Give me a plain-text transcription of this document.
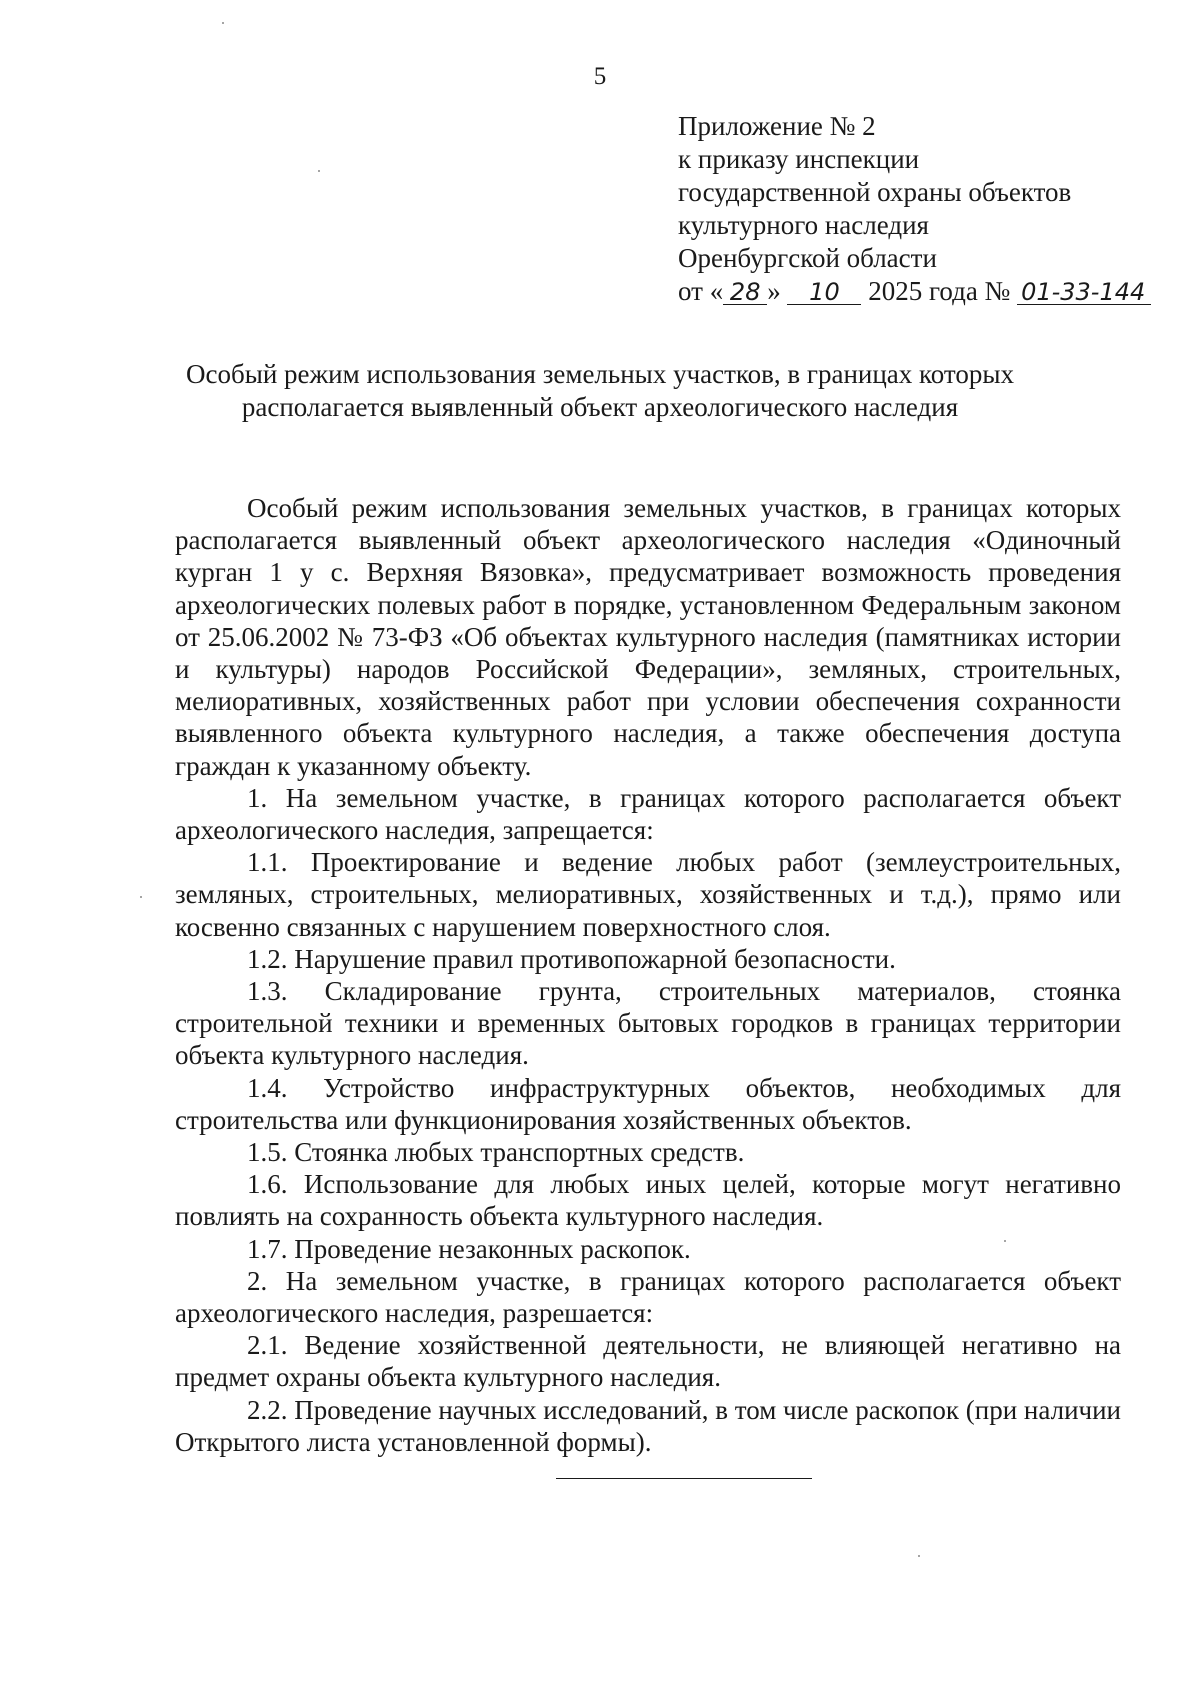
5
Приложение № 2
к приказу инспекции
государственной охраны объектов
культурного наследия
Оренбургской области
от « 28 » 10 2025 года № 01-33-144
Особый режим использования земельных участков, в границах которых
располагается выявленный объект археологического наследия

Особый режим использования земельных участков, в границах которых располагается выявленный объект археологического наследия «Одиночный курган 1 у с. Верхняя Вязовка», предусматривает возможность проведения археологических полевых работ в порядке, установленном Федеральным законом от 25.06.2002 № 73-ФЗ «Об объектах культурного наследия (памятниках истории и культуры) народов Российской Федерации», земляных, строительных, мелиоративных, хозяйственных работ при условии обеспечения сохранности выявленного объекта культурного наследия, а также обеспечения доступа граждан к указанному объекту.

1. На земельном участке, в границах которого располагается объект археологического наследия, запрещается:

1.1. Проектирование и ведение любых работ (землеустроительных, земляных, строительных, мелиоративных, хозяйственных и т.д.), прямо или косвенно связанных с нарушением поверхностного слоя.

1.2. Нарушение правил противопожарной безопасности.

1.3. Складирование грунта, строительных материалов, стоянка строительной техники и временных бытовых городков в границах территории объекта культурного наследия.

1.4. Устройство инфраструктурных объектов, необходимых для строительства или функционирования хозяйственных объектов.

1.5. Стоянка любых транспортных средств.

1.6. Использование для любых иных целей, которые могут негативно повлиять на сохранность объекта культурного наследия.

1.7. Проведение незаконных раскопок.

2. На земельном участке, в границах которого располагается объект археологического наследия, разрешается:

2.1. Ведение хозяйственной деятельности, не влияющей негативно на предмет охраны объекта культурного наследия.

2.2. Проведение научных исследований, в том числе раскопок (при наличии Открытого листа установленной формы).
